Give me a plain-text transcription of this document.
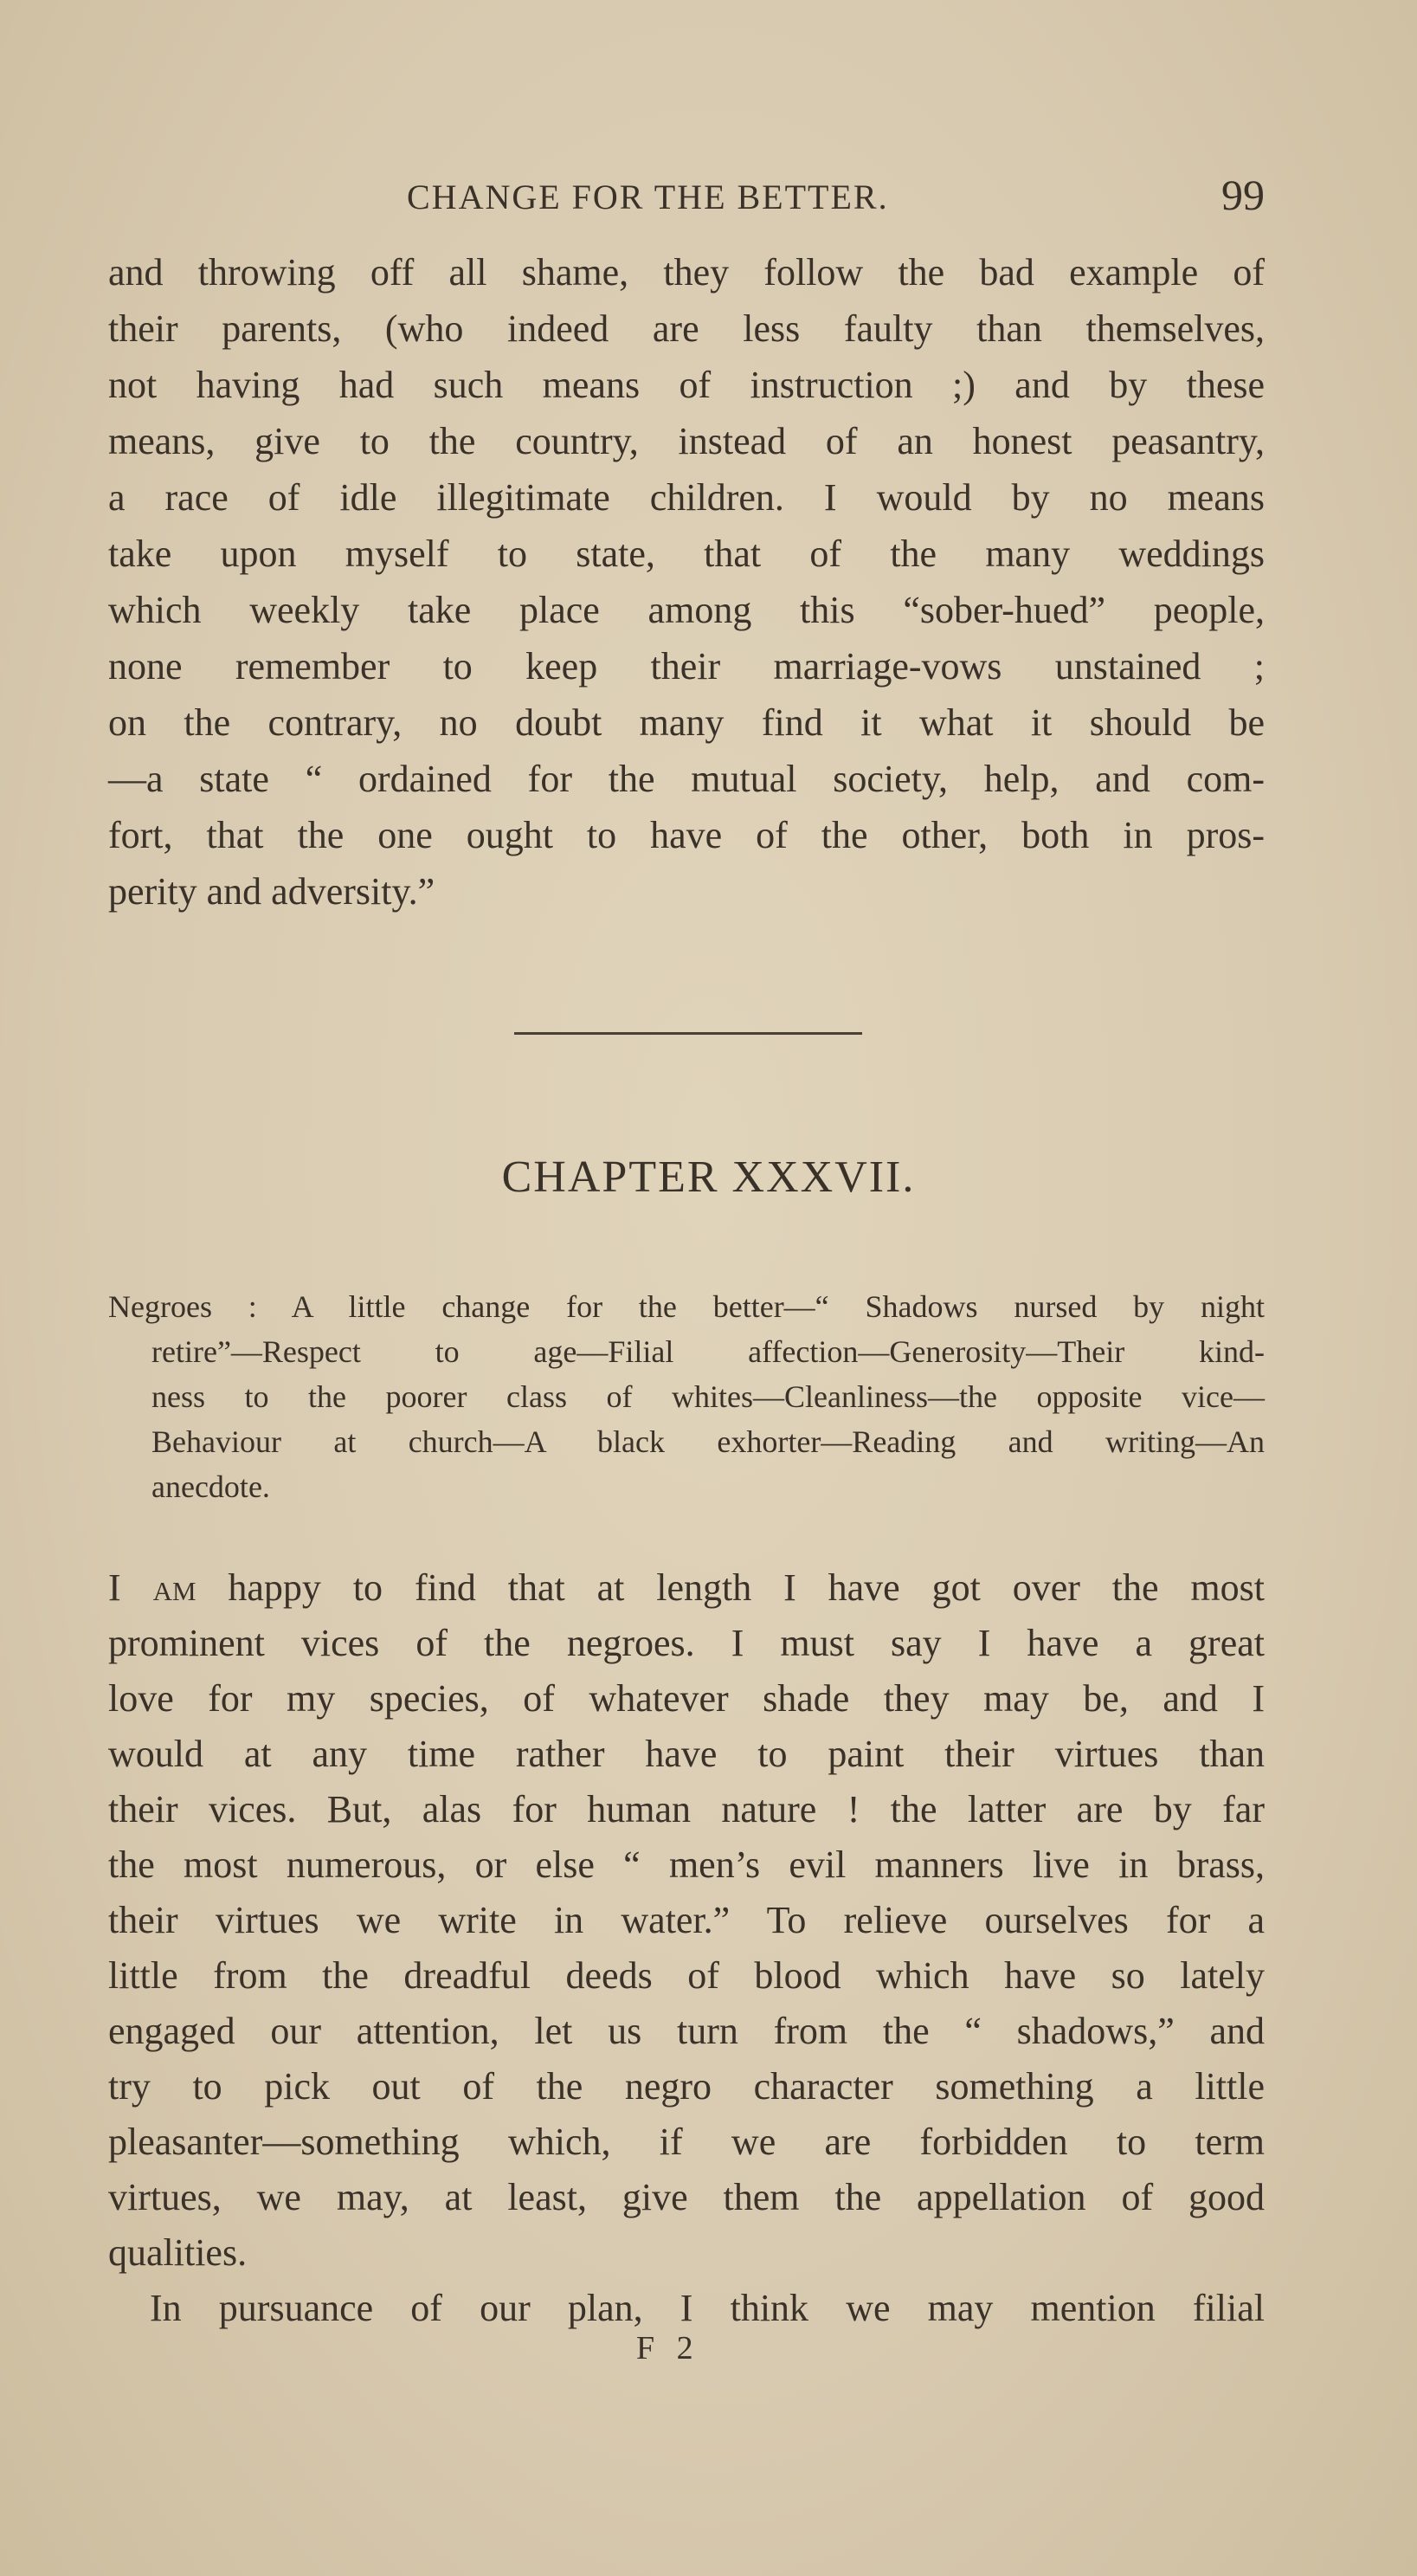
CHANGE FOR THE BETTER.	99
and throwing off all shame, they follow the bad example of
their parents, (who indeed are less faulty than themselves,
not having had such means of instruction ;) and by these
means, give to the country, instead of an honest peasantry,
a race of idle illegitimate children. I would by no means
take upon myself to state, that of the many weddings
which weekly take place among this “sober-hued” people,
none remember to keep their marriage-vows unstained ;
on the contrary, no doubt many find it what it should be
—a state “ ordained for the mutual society, help, and com-
fort, that the one ought to have of the other, both in pros-
perity and adversity.”
CHAPTER XXXVII.
Negroes : A little change for the better—“ Shadows nursed by night
retire”—Respect to age—Filial affection—Generosity—Their kind-
ness to the poorer class of whites—Cleanliness—the opposite vice—
Behaviour at church—A black exhorter—Reading and writing—An
anecdote.
I am happy to find that at length I have got over the most
prominent vices of the negroes. I must say I have a great
love for my species, of whatever shade they may be, and I
would at any time rather have to paint their virtues than
their vices. But, alas for human nature ! the latter are by far
the most numerous, or else “ men’s evil manners live in brass,
their virtues we write in water.” To relieve ourselves for a
little from the dreadful deeds of blood which have so lately
engaged our attention, let us turn from the “ shadows,” and
try to pick out of the negro character something a little
pleasanter—something which, if we are forbidden to term
virtues, we may, at least, give them the appellation of good
qualities.
In pursuance of our plan, I think we may mention filial
F 2
